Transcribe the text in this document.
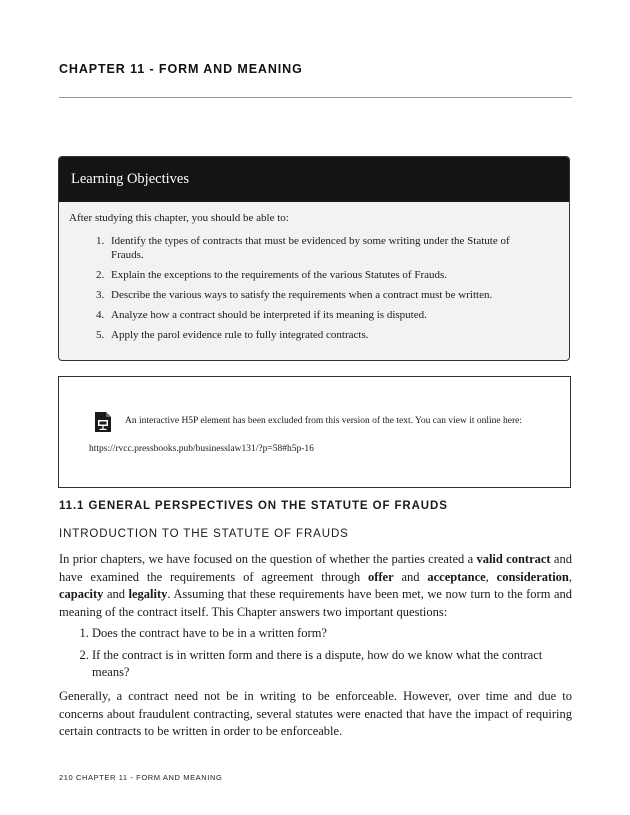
CHAPTER 11 - FORM AND MEANING
Learning Objectives
After studying this chapter, you should be able to:
1. Identify the types of contracts that must be evidenced by some writing under the Statute of Frauds.
2. Explain the exceptions to the requirements of the various Statutes of Frauds.
3. Describe the various ways to satisfy the requirements when a contract must be written.
4. Analyze how a contract should be interpreted if its meaning is disputed.
5. Apply the parol evidence rule to fully integrated contracts.
An interactive H5P element has been excluded from this version of the text. You can view it online here:
https://rvcc.pressbooks.pub/businesslaw131/?p=58#h5p-16
11.1 GENERAL PERSPECTIVES ON THE STATUTE OF FRAUDS
INTRODUCTION TO THE STATUTE OF FRAUDS

In prior chapters, we have focused on the question of whether the parties created a valid contract and have examined the requirements of agreement through offer and acceptance, consideration, capacity and legality. Assuming that these requirements have been met, we now turn to the form and meaning of the contract itself. This Chapter answers two important questions:

1. Does the contract have to be in a written form?
2. If the contract is in written form and there is a dispute, how do we know what the contract means?

Generally, a contract need not be in writing to be enforceable. However, over time and due to concerns about fraudulent contracting, several statutes were enacted that have the impact of requiring certain contracts to be written in order to be enforceable.

210 CHAPTER 11 - FORM AND MEANING
